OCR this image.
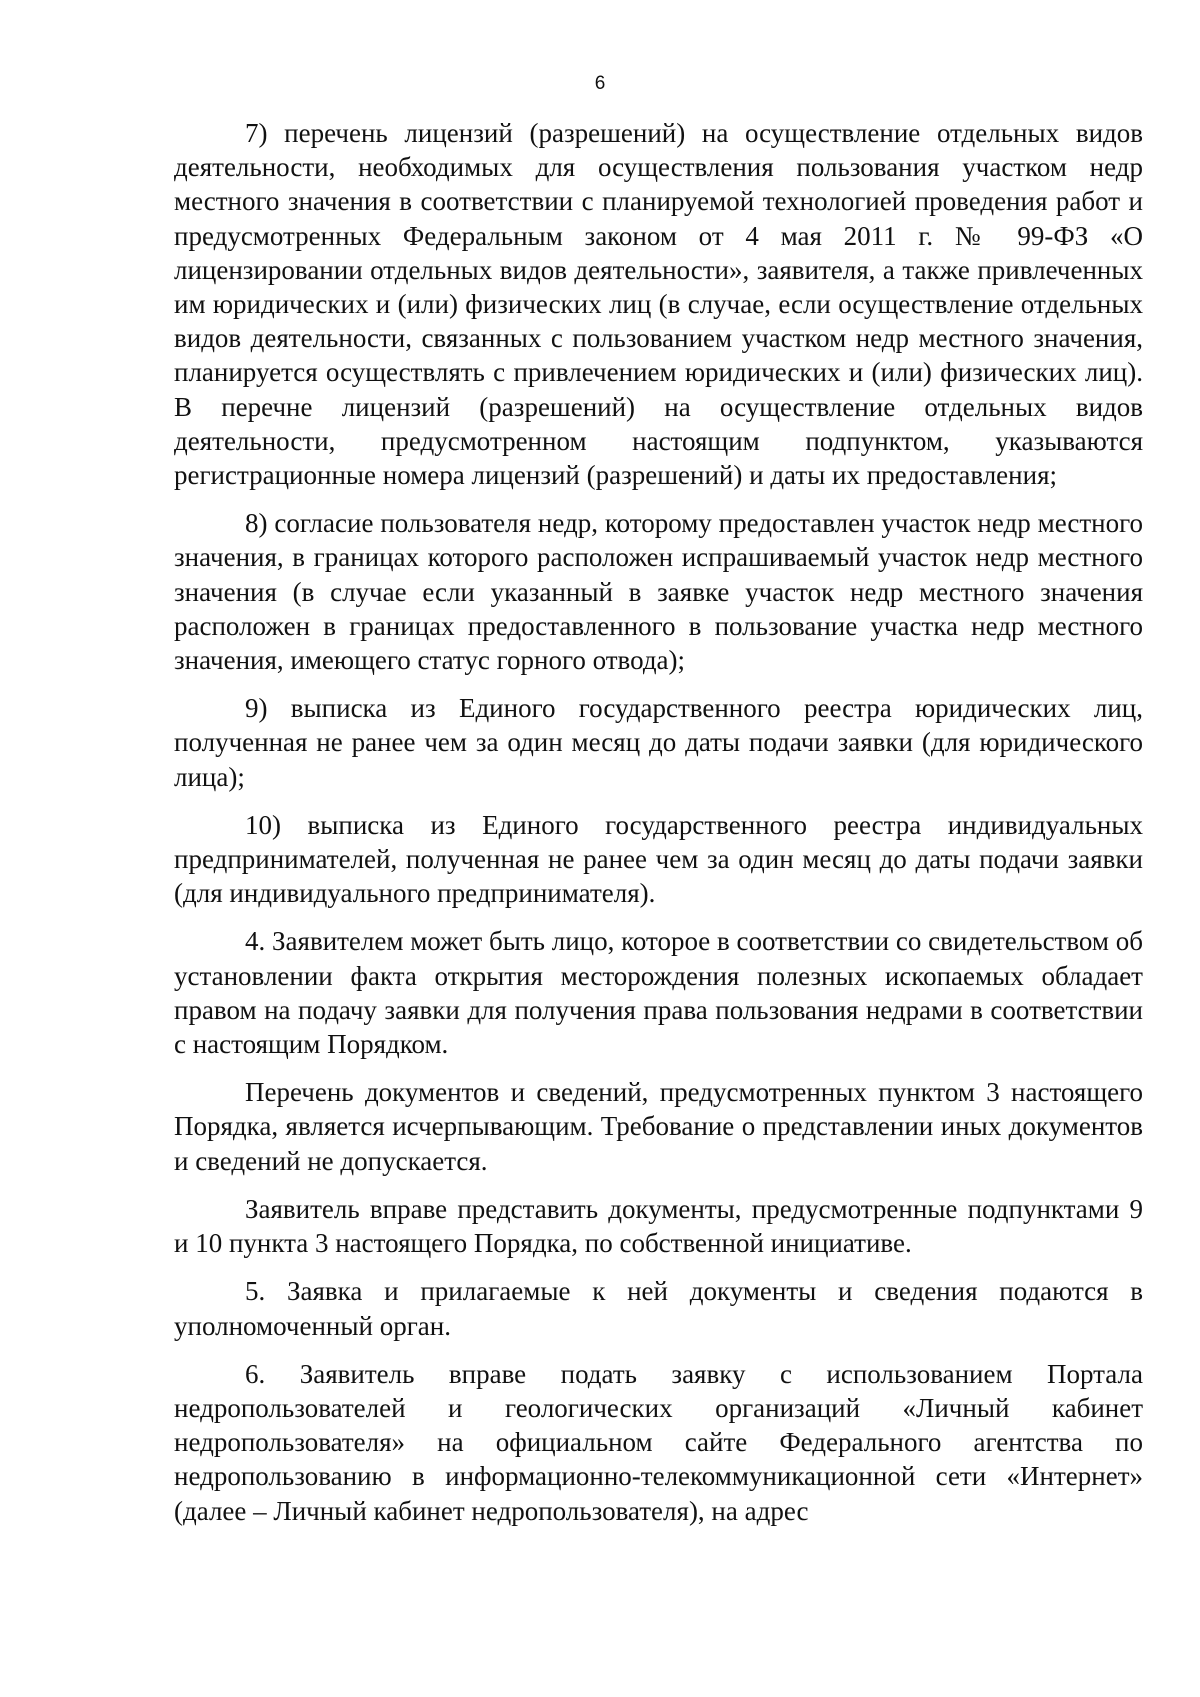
6

7) перечень лицензий (разрешений) на осуществление отдельных видов деятельности, необходимых для осуществления пользования участком недр местного значения в соответствии с планируемой технологией проведения работ и предусмотренных Федеральным законом от 4 мая 2011 г. № 99-ФЗ «О лицензировании отдельных видов деятельности», заявителя, а также привлеченных им юридических и (или) физических лиц (в случае, если осуществление отдельных видов деятельности, связанных с пользованием участком недр местного значения, планируется осуществлять с привлечением юридических и (или) физических лиц). В перечне лицензий (разрешений) на осуществление отдельных видов деятельности, предусмотренном настоящим подпунктом, указываются регистрационные номера лицензий (разрешений) и даты их предоставления;

8) согласие пользователя недр, которому предоставлен участок недр местного значения, в границах которого расположен испрашиваемый участок недр местного значения (в случае если указанный в заявке участок недр местного значения расположен в границах предоставленного в пользование участка недр местного значения, имеющего статус горного отвода);

9) выписка из Единого государственного реестра юридических лиц, полученная не ранее чем за один месяц до даты подачи заявки (для юридического лица);

10) выписка из Единого государственного реестра индивидуальных предпринимателей, полученная не ранее чем за один месяц до даты подачи заявки (для индивидуального предпринимателя).

4. Заявителем может быть лицо, которое в соответствии со свидетельством об установлении факта открытия месторождения полезных ископаемых обладает правом на подачу заявки для получения права пользования недрами в соответствии с настоящим Порядком.

Перечень документов и сведений, предусмотренных пунктом 3 настоящего Порядка, является исчерпывающим. Требование о представлении иных документов и сведений не допускается.

Заявитель вправе представить документы, предусмотренные подпунктами 9 и 10 пункта 3 настоящего Порядка, по собственной инициативе.

5. Заявка и прилагаемые к ней документы и сведения подаются в уполномоченный орган.

6. Заявитель вправе подать заявку с использованием Портала недропользователей и геологических организаций «Личный кабинет недропользователя» на официальном сайте Федерального агентства по недропользованию в информационно-телекоммуникационной сети «Интернет» (далее – Личный кабинет недропользователя), на адрес
